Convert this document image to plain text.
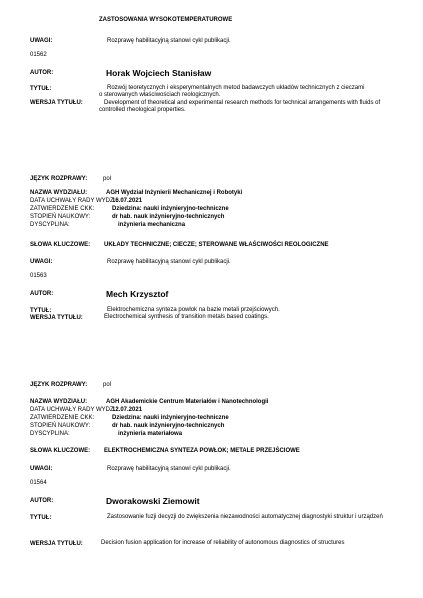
ZASTOSOWANIA WYSOKOTEMPERATUROWE
UWAGI:	Rozprawę habilitacyjną stanowi cykl publikacji.
01562
AUTOR:	Horak Wojciech Stanisław
TYTUŁ:	Rozwój teoretycznych i eksperymentalnych metod badawczych układów technicznych z cieczami o sterowanych właściwościach reologicznych.
WERSJA TYTUŁU:	Development of theoretical and experimental research methods for technical arrangements with fluids of controlled rheological properties.
JĘZYK ROZPRAWY:	pol
NAZWA WYDZIAŁU:	AGH Wydział Inżynierii Mechanicznej i Robotyki
DATA UCHWAŁY RADY WYDZ.:
16.07.2021
ZATWIERDZENIE CKK:	Dziedzina: nauki inżynieryjno-techniczne
STOPIEŃ NAUKOWY:	dr hab. nauk inżynieryjno-technicznych
DYSCYPLINA:	inżynieria mechaniczna
SŁOWA KLUCZOWE: UKŁADY TECHNICZNE; CIECZE; STEROWANE WŁAŚCIWOŚCI REOLOGICZNE
UWAGI:	Rozprawę habilitacyjną stanowi cykl publikacji.
01563
AUTOR:	Mech Krzysztof
TYTUŁ:	Elektrochemiczna synteza powłok na bazie metali przejściowych.
WERSJA TYTUŁU:	Electrochemical synthesis of transition metals based coatings.
JĘZYK ROZPRAWY:	pol
NAZWA WYDZIAŁU:	AGH Akademickie Centrum Materiałów i Nanotechnologii
DATA UCHWAŁY RADY WYDZ.:
12.07.2021
ZATWIERDZENIE CKK:	Dziedzina: nauki inżynieryjno-techniczne
STOPIEŃ NAUKOWY:	dr hab. nauk inżynieryjno-technicznych
DYSCYPLINA:	inżynieria materiałowa
SŁOWA KLUCZOWE: ELEKTROCHEMICZNA SYNTEZA POWŁOK; METALE PRZEJŚCIOWE
UWAGI:	Rozprawę habilitacyjną stanowi cykl publikacji.
01564
AUTOR:	Dworakowski Ziemowit
TYTUŁ:	Zastosowanie fuzji decyzji do zwiększenia niezawodności automatycznej diagnostyki struktur i urządzeń
WERSJA TYTUŁU:	Decision fusion application for increase of reliability of autonomous diagnostics of structures
